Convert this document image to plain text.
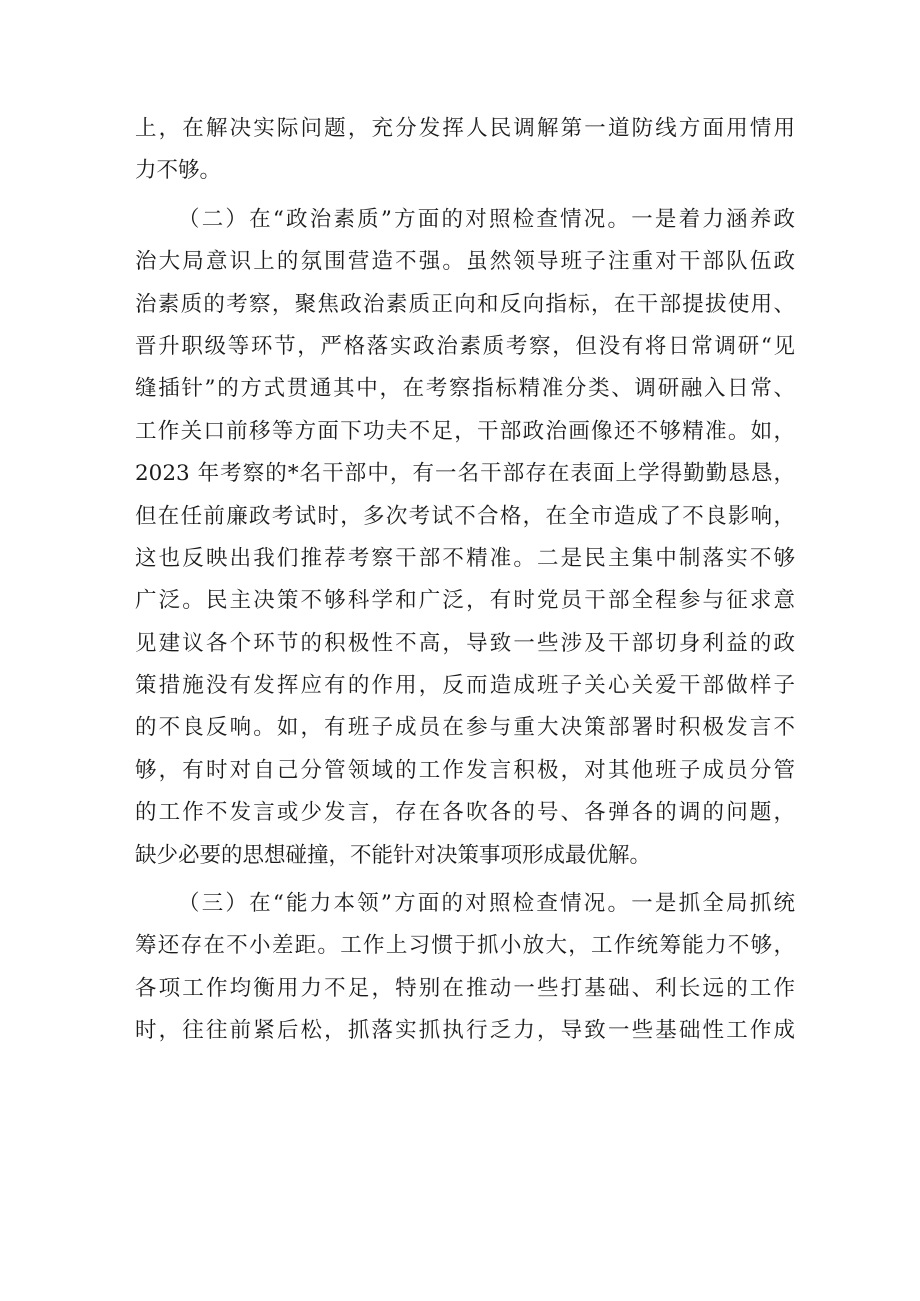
上，在解决实际问题，充分发挥人民调解第一道防线方面用情用
力不够。
（二）在“政治素质”方面的对照检查情况。一是着力涵养政
治大局意识上的氛围营造不强。虽然领导班子注重对干部队伍政
治素质的考察，聚焦政治素质正向和反向指标，在干部提拔使用、
晋升职级等环节，严格落实政治素质考察，但没有将日常调研“见
缝插针”的方式贯通其中，在考察指标精准分类、调研融入日常、
工作关口前移等方面下功夫不足，干部政治画像还不够精准。如，
2023 年考察的*名干部中，有一名干部存在表面上学得勤勤恳恳，
但在任前廉政考试时，多次考试不合格，在全市造成了不良影响，
这也反映出我们推荐考察干部不精准。二是民主集中制落实不够
广泛。民主决策不够科学和广泛，有时党员干部全程参与征求意
见建议各个环节的积极性不高，导致一些涉及干部切身利益的政
策措施没有发挥应有的作用，反而造成班子关心关爱干部做样子
的不良反响。如，有班子成员在参与重大决策部署时积极发言不
够，有时对自己分管领域的工作发言积极，对其他班子成员分管
的工作不发言或少发言，存在各吹各的号、各弹各的调的问题，
缺少必要的思想碰撞，不能针对决策事项形成最优解。
（三）在“能力本领”方面的对照检查情况。一是抓全局抓统
筹还存在不小差距。工作上习惯于抓小放大，工作统筹能力不够，
各项工作均衡用力不足，特别在推动一些打基础、利长远的工作
时，往往前紧后松，抓落实抓执行乏力，导致一些基础性工作成
